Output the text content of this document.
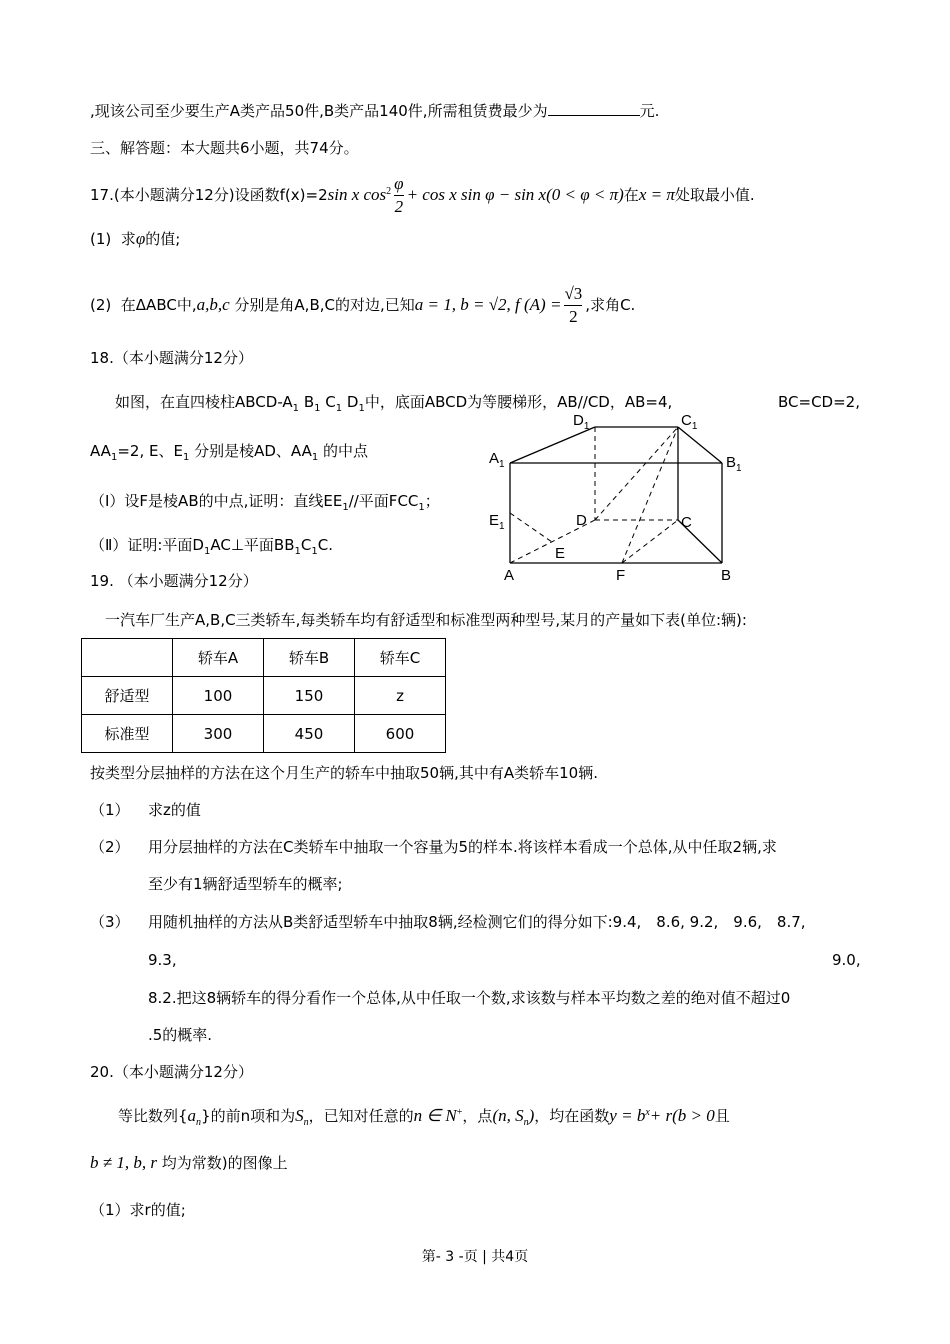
,现该公司至少要生产A类产品50件,B类产品140件,所需租赁费最少为	元.
三、解答题：本大题共6小题，共74分。
17.(本小题满分12分)设函数f(x)=2sin x $\cos^2 \frac{\varphi}{2} + \cos x$ sin φ − sin x(0 < φ < π)在x = π处取最小值.
(1) 求φ的值;
(2) 在ΔABC中,a,b,c 分别是角A,B,C的对边,已知a = 1, b = √2, f $(A) = \frac{√3}{2}$ ,求角C.
18.（本小题满分12分）
如图，在直四棱柱ABCD-$A_1$ $B_1$ $C_1$ $D_1$中，底面ABCD为等腰梯形，AB//CD，AB=4,	BC=CD=2,
$AA_1=2$, E、$E_1$ 分别是棱AD、$AA_1$ 的中点
（Ⅰ）设F是棱AB的中点,证明：直线$EE_1//$平面$FCC_1$；
（Ⅱ）证明:平面$D_1AC\perp$平面$BB_1C_1C$.
$D_1$	$C_1$
$A_1$	$B_1$
$E_1$	D	C
E
A	F	B
19. （本小题满分12分）
一汽车厂生产A,B,C三类轿车,每类轿车均有舒适型和标准型两种型号,某月的产量如下表(单位:辆):
	轿车A	轿车B	轿车C
舒适型	100	150	z
标准型	300	450	600
按类型分层抽样的方法在这个月生产的轿车中抽取50辆,其中有A类轿车10辆.
（1） 求z的值
（2） 用分层抽样的方法在C类轿车中抽取一个容量为5的样本.将该样本看成一个总体,从中任取2辆,求
至少有1辆舒适型轿车的概率;
（3） 用随机抽样的方法从B类舒适型轿车中抽取8辆,经检测它们的得分如下:9.4,　8.6, 9.2,　9.6,　8.7,
9.3,	9.0,
8.2.把这8辆轿车的得分看作一个总体,从中任取一个数,求该数与样本平均数之差的绝对值不超过0
.5的概率.
20.（本小题满分12分）
等比数列$\{a_n\}$的前n项和为$S_n$，已知对任意的n ∈ N+，点(n, $S_n$)，均在函数$y = b^x+ r(b > 0$且
b ≠ 1, b, r 均为常数)的图像上
（1）求r的值;
第- 3 -页 | 共4页
